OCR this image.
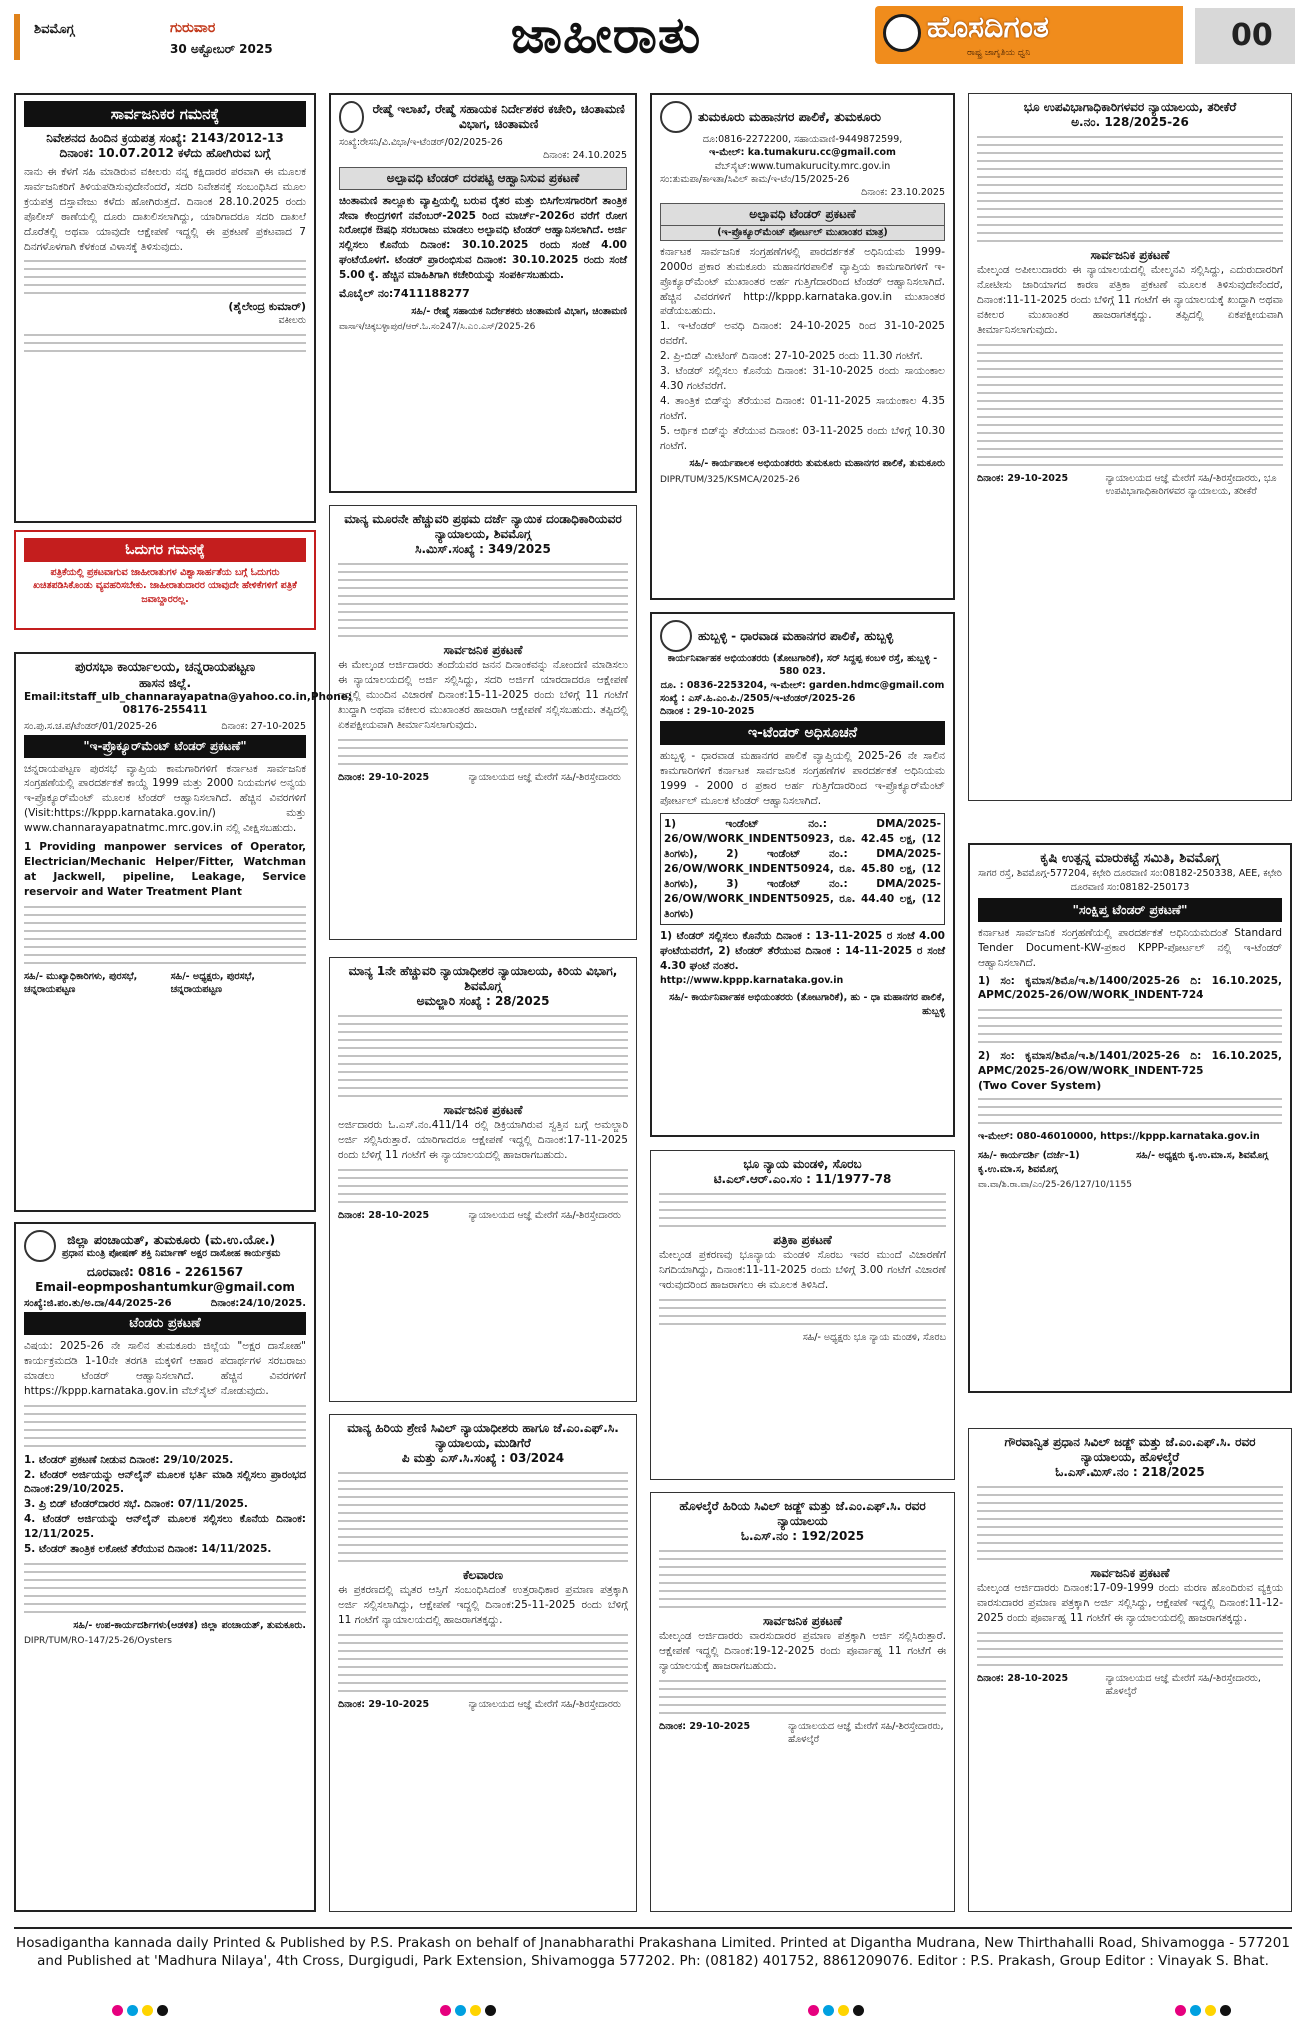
ಶಿವಮೊಗ್ಗ	ಗುರುವಾರ
30 ಅಕ್ಟೋಬರ್ 2025	ಜಾಹೀರಾತು	ಹೊಸದಿಗಂತ
ರಾಷ್ಟ್ರ ಜಾಗೃತಿಯ ಧ್ವನಿ	00
ಸಾರ್ವಜನಿಕರ ಗಮನಕ್ಕೆ
ನಿವೇಶನದ ಹಿಂದಿನ ಕ್ರಯಪತ್ರ ಸಂಖ್ಯೆ: 2143/2012-13
ದಿನಾಂಕ: 10.07.2012 ಕಳೆದು ಹೋಗಿರುವ ಬಗ್ಗೆ
ನಾನು ಈ ಕೆಳಗೆ ಸಹಿ ಮಾಡಿರುವ ವಕೀಲರು ನನ್ನ ಕಕ್ಷಿದಾರರ ಪರವಾಗಿ ಈ ಮೂಲಕ ಸಾರ್ವಜನಿಕರಿಗೆ ತಿಳಿಯಪಡಿಸುವುದೇನೆಂದರೆ, ಸದರಿ ನಿವೇಶನಕ್ಕೆ ಸಂಬಂಧಿಸಿದ ಮೂಲ ಕ್ರಯಪತ್ರ ದಸ್ತಾವೇಜು ಕಳೆದು ಹೋಗಿರುತ್ತದೆ. ದಿನಾಂಕ 28.10.2025 ರಂದು ಪೊಲೀಸ್ ಠಾಣೆಯಲ್ಲಿ ದೂರು ದಾಖಲಿಸಲಾಗಿದ್ದು, ಯಾರಿಗಾದರೂ ಸದರಿ ದಾಖಲೆ ದೊರೆತಲ್ಲಿ ಅಥವಾ ಯಾವುದೇ ಆಕ್ಷೇಪಣೆ ಇದ್ದಲ್ಲಿ ಈ ಪ್ರಕಟಣೆ ಪ್ರಕಟವಾದ 7 ದಿನಗಳೊಳಗಾಗಿ ಕೆಳಕಂಡ ವಿಳಾಸಕ್ಕೆ ತಿಳಿಸುವುದು.
(ಶೈಲೇಂದ್ರ ಕುಮಾರ್)
ವಕೀಲರು
ಓದುಗರ ಗಮನಕ್ಕೆ
ಪತ್ರಿಕೆಯಲ್ಲಿ ಪ್ರಕಟವಾಗುವ ಜಾಹೀರಾತುಗಳ ವಿಶ್ವಾಸಾರ್ಹತೆಯ ಬಗ್ಗೆ ಓದುಗರು ಖಚಿತಪಡಿಸಿಕೊಂಡು ವ್ಯವಹರಿಸಬೇಕು. ಜಾಹೀರಾತುದಾರರ ಯಾವುದೇ ಹೇಳಿಕೆಗಳಿಗೆ ಪತ್ರಿಕೆ ಜವಾಬ್ದಾರರಲ್ಲ.
ಪುರಸಭಾ ಕಾರ್ಯಾಲಯ, ಚನ್ನರಾಯಪಟ್ಟಣ
ಹಾಸನ ಜಿಲ್ಲೆ.
Email:itstaff_ulb_channarayapatna@yahoo.co.in,Phone: 08176-255411
ಸಂ.ಪು.ಸ.ಚ.ಪ/ಟೆಂಡರ್/01/2025-26	ದಿನಾಂಕ: 27-10-2025
"ಇ-ಪ್ರೊಕ್ಯೂರ್‌ಮೆಂಟ್ ಟೆಂಡರ್ ಪ್ರಕಟಣೆ"
ಚನ್ನರಾಯಪಟ್ಟಣ ಪುರಸಭೆ ವ್ಯಾಪ್ತಿಯ ಕಾಮಗಾರಿಗಳಿಗೆ ಕರ್ನಾಟಕ ಸಾರ್ವಜನಿಕ ಸಂಗ್ರಹಣೆಯಲ್ಲಿ ಪಾರದರ್ಶಕತೆ ಕಾಯ್ದೆ 1999 ಮತ್ತು 2000 ನಿಯಮಗಳ ಅನ್ವಯ ಇ-ಪ್ರೊಕ್ಯೂರ್‌ಮೆಂಟ್ ಮೂಲಕ ಟೆಂಡರ್ ಆಹ್ವಾನಿಸಲಾಗಿದೆ. ಹೆಚ್ಚಿನ ವಿವರಗಳಿಗೆ (Visit:https://kppp.karnataka.gov.in/) ಮತ್ತು www.channarayapatnatmc.mrc.gov.in ನಲ್ಲಿ ವೀಕ್ಷಿಸಬಹುದು.
1 Providing manpower services of Operator, Electrician/Mechanic Helper/Fitter, Watchman at Jackwell, pipeline, Leakage, Service reservoir and Water Treatment Plant
ಸಹಿ/- ಮುಖ್ಯಾಧಿಕಾರಿಗಳು, ಪುರಸಭೆ, ಚನ್ನರಾಯಪಟ್ಟಣ
ಸಹಿ/- ಅಧ್ಯಕ್ಷರು, ಪುರಸಭೆ, ಚನ್ನರಾಯಪಟ್ಟಣ
ಜಿಲ್ಲಾ ಪಂಚಾಯತ್, ತುಮಕೂರು (ಮ.ಉ.ಯೋ.)
ಪ್ರಧಾನ ಮಂತ್ರಿ ಪೋಷಣ್ ಶಕ್ತಿ ನಿರ್ಮಾಣ್ ಅಕ್ಷರ ದಾಸೋಹ ಕಾರ್ಯಕ್ರಮ
ದೂರವಾಣಿ: 0816 - 2261567
Email-eopmposhantumkur@gmail.com
ಸಂಖ್ಯೆ:ಜಿ.ಪಂ.ತು/ಅ.ದಾ/44/2025-26	ದಿನಾಂಕ:24/10/2025.
ಟೆಂಡರು ಪ್ರಕಟಣೆ
ವಿಷಯ: 2025-26 ನೇ ಸಾಲಿನ ತುಮಕೂರು ಜಿಲ್ಲೆಯ "ಅಕ್ಷರ ದಾಸೋಹ" ಕಾರ್ಯಕ್ರಮದಡಿ 1-10ನೇ ತರಗತಿ ಮಕ್ಕಳಿಗೆ ಆಹಾರ ಪದಾರ್ಥಗಳ ಸರಬರಾಜು ಮಾಡಲು ಟೆಂಡರ್ ಆಹ್ವಾನಿಸಲಾಗಿದೆ. ಹೆಚ್ಚಿನ ವಿವರಗಳಿಗೆ https://kppp.karnataka.gov.in ವೆಬ್‌ಸೈಟ್ ನೋಡುವುದು.
1. ಟೆಂಡರ್ ಪ್ರಕಟಣೆ ನೀಡುವ ದಿನಾಂಕ: 29/10/2025.
2. ಟೆಂಡರ್ ಅರ್ಜಿಯನ್ನು ಆನ್‌ಲೈನ್ ಮೂಲಕ ಭರ್ತಿ ಮಾಡಿ ಸಲ್ಲಿಸಲು ಪ್ರಾರಂಭದ ದಿನಾಂಕ:29/10/2025.
3. ಪ್ರಿ ಬಿಡ್ ಟೆಂಡರ್‌ದಾರರ ಸಭೆ. ದಿನಾಂಕ: 07/11/2025.
4. ಟೆಂಡರ್ ಅರ್ಜಿಯನ್ನು ಆನ್‌ಲೈನ್ ಮೂಲಕ ಸಲ್ಲಿಸಲು ಕೊನೆಯ ದಿನಾಂಕ: 12/11/2025.
5. ಟೆಂಡರ್ ತಾಂತ್ರಿಕ ಲಕೋಟೆ ತೆರೆಯುವ ದಿನಾಂಕ: 14/11/2025.
ಸಹಿ/- ಉಪ-ಕಾರ್ಯದರ್ಶಿಗಳು(ಆಡಳಿತ) ಜಿಲ್ಲಾ ಪಂಚಾಯತ್, ತುಮಕೂರು.
DIPR/TUM/RO-147/25-26/Oysters
ರೇಷ್ಮೆ ಇಲಾಖೆ, ರೇಷ್ಮೆ ಸಹಾಯಕ ನಿರ್ದೇಶಕರ ಕಚೇರಿ, ಚಿಂತಾಮಣಿ ವಿಭಾಗ, ಚಿಂತಾಮಣಿ
ಸಂಖ್ಯೆ:ರೇಸನಿ/ವಿ.ವಿಭಾ/ಇ-ಟೆಂಡರ್/02/2025-26
ದಿನಾಂಕ: 24.10.2025
ಅಲ್ಪಾವಧಿ ಟೆಂಡರ್ ದರಪಟ್ಟಿ ಆಹ್ವಾನಿಸುವ ಪ್ರಕಟಣೆ
ಚಿಂತಾಮಣಿ ತಾಲ್ಲೂಕು ವ್ಯಾಪ್ತಿಯಲ್ಲಿ ಬರುವ ರೈತರ ಮತ್ತು ಬಿಸಿಗೆಲಸಗಾರರಿಗೆ ತಾಂತ್ರಿಕ ಸೇವಾ ಕೇಂದ್ರಗಳಿಗೆ ನವೆಂಬರ್-2025 ರಿಂದ ಮಾರ್ಚ್-2026ರ ವರೆಗೆ ರೋಗ ನಿರೋಧಕ ಔಷಧಿ ಸರಬರಾಜು ಮಾಡಲು ಅಲ್ಪಾವಧಿ ಟೆಂಡರ್ ಆಹ್ವಾನಿಸಲಾಗಿದೆ. ಅರ್ಜಿ ಸಲ್ಲಿಸಲು ಕೊನೆಯ ದಿನಾಂಕ: 30.10.2025 ರಂದು ಸಂಜೆ 4.00 ಘಂಟೆಯೊಳಗೆ. ಟೆಂಡರ್ ಪ್ರಾರಂಭಿಸುವ ದಿನಾಂಕ: 30.10.2025 ರಂದು ಸಂಜೆ 5.00 ಕ್ಕೆ. ಹೆಚ್ಚಿನ ಮಾಹಿತಿಗಾಗಿ ಕಚೇರಿಯನ್ನು ಸಂಪರ್ಕಿಸಬಹುದು.
ಮೊಬೈಲ್ ನಂ:7411188277
ಸಹಿ/- ರೇಷ್ಮೆ ಸಹಾಯಕ ನಿರ್ದೇಶಕರು ಚಿಂತಾಮಣಿ ವಿಭಾಗ, ಚಿಂತಾಮಣಿ
ವಾಸಾಇ/ಚಿಕ್ಕಬಳ್ಳಾಪುರ/ಆರ್.ಓ.ಸಂ247/ಸಿ.ಎ೦.ಎಸ್/2025-26
ಮಾನ್ಯ ಮೂರನೇ ಹೆಚ್ಚುವರಿ ಪ್ರಥಮ ದರ್ಜೆ ನ್ಯಾಯಿಕ ದಂಡಾಧಿಕಾರಿಯವರ ನ್ಯಾಯಾಲಯ, ಶಿವಮೊಗ್ಗ
ಸಿ.ಮಿಸ್.ಸಂಖ್ಯೆ : 349/2025
ಸಾರ್ವಜನಿಕ ಪ್ರಕಟಣೆ
ಈ ಮೇಲ್ಕಂಡ ಅರ್ಜಿದಾರರು ತಂದೆಯವರ ಜನನ ದಿನಾಂಕವನ್ನು ನೋಂದಣಿ ಮಾಡಿಸಲು ಈ ನ್ಯಾಯಾಲಯದಲ್ಲಿ ಅರ್ಜಿ ಸಲ್ಲಿಸಿದ್ದು, ಸದರಿ ಅರ್ಜಿಗೆ ಯಾರದಾದರೂ ಆಕ್ಷೇಪಣೆ ಇದ್ದಲ್ಲಿ ಮುಂದಿನ ವಿಚಾರಣೆ ದಿನಾಂಕ:15-11-2025 ರಂದು ಬೆಳಿಗ್ಗೆ 11 ಗಂಟೆಗೆ ಖುದ್ದಾಗಿ ಅಥವಾ ವಕೀಲರ ಮುಖಾಂತರ ಹಾಜರಾಗಿ ಆಕ್ಷೇಪಣೆ ಸಲ್ಲಿಸಬಹುದು. ತಪ್ಪಿದಲ್ಲಿ ಏಕಪಕ್ಷೀಯವಾಗಿ ತೀರ್ಮಾನಿಸಲಾಗುವುದು.
ದಿನಾಂಕ: 29-10-2025	ನ್ಯಾಯಾಲಯದ ಆಜ್ಞೆ ಮೇರೆಗೆ ಸಹಿ/-ಶಿರಸ್ತೇದಾರರು
ಮಾನ್ಯ 1ನೇ ಹೆಚ್ಚುವರಿ ನ್ಯಾಯಾಧೀಶರ ನ್ಯಾಯಾಲಯ, ಕಿರಿಯ ವಿಭಾಗ, ಶಿವಮೊಗ್ಗ
ಅಮಲ್ಜಾರಿ ಸಂಖ್ಯೆ : 28/2025
ಸಾರ್ವಜನಿಕ ಪ್ರಕಟಣೆ
ಅರ್ಜಿದಾರರು ಓ.ಎಸ್.ನಂ.411/14 ರಲ್ಲಿ ಡಿಕ್ರಿಯಾಗಿರುವ ಸ್ವತ್ತಿನ ಬಗ್ಗೆ ಅಮಲ್ಜಾರಿ ಅರ್ಜಿ ಸಲ್ಲಿಸಿರುತ್ತಾರೆ. ಯಾರಿಗಾದರೂ ಆಕ್ಷೇಪಣೆ ಇದ್ದಲ್ಲಿ ದಿನಾಂಕ:17-11-2025 ರಂದು ಬೆಳಿಗ್ಗೆ 11 ಗಂಟೆಗೆ ಈ ನ್ಯಾಯಾಲಯದಲ್ಲಿ ಹಾಜರಾಗಬಹುದು.
ದಿನಾಂಕ: 28-10-2025	ನ್ಯಾಯಾಲಯದ ಆಜ್ಞೆ ಮೇರೆಗೆ ಸಹಿ/-ಶಿರಸ್ತೇದಾರರು
ಮಾನ್ಯ ಹಿರಿಯ ಶ್ರೇಣಿ ಸಿವಿಲ್ ನ್ಯಾಯಾಧೀಶರು ಹಾಗೂ ಜೆ.ಎಂ.ಎಫ್.ಸಿ. ನ್ಯಾಯಾಲಯ, ಮುಡಿಗೆರೆ
ಪಿ ಮತ್ತು ಎಸ್.ಸಿ.ಸಂಖ್ಯೆ : 03/2024
ಕೆಲವಾರಣ
ಈ ಪ್ರಕರಣದಲ್ಲಿ ಮೃತರ ಆಸ್ತಿಗೆ ಸಂಬಂಧಿಸಿದಂತೆ ಉತ್ತರಾಧಿಕಾರ ಪ್ರಮಾಣ ಪತ್ರಕ್ಕಾಗಿ ಅರ್ಜಿ ಸಲ್ಲಿಸಲಾಗಿದ್ದು, ಆಕ್ಷೇಪಣೆ ಇದ್ದಲ್ಲಿ ದಿನಾಂಕ:25-11-2025 ರಂದು ಬೆಳಿಗ್ಗೆ 11 ಗಂಟೆಗೆ ನ್ಯಾಯಾಲಯದಲ್ಲಿ ಹಾಜರಾಗತಕ್ಕದ್ದು.
ದಿನಾಂಕ: 29-10-2025	ನ್ಯಾಯಾಲಯದ ಆಜ್ಞೆ ಮೇರೆಗೆ ಸಹಿ/-ಶಿರಸ್ತೇದಾರರು
ತುಮಕೂರು ಮಹಾನಗರ ಪಾಲಿಕೆ, ತುಮಕೂರು
ದೂ:0816-2272200, ಸಹಾಯವಾಣಿ-9449872599,
ಇ-ಮೇಲ್: ka.tumakuru.cc@gmail.com
ವೆಬ್‌ಸೈಟ್:www.tumakurucity.mrc.gov.in
ಸಂ:ತುಮಪಾ/ಕಾಇತಾ/ಸಿವಿಲ್ ಕಾಮ/ಇ-ಟೆಂ/15/2025-26
ದಿನಾಂಕ: 23.10.2025
ಅಲ್ಪಾವಧಿ ಟೆಂಡರ್ ಪ್ರಕಟಣೆ
(ಇ-ಪ್ರೊಕ್ಯೂರ್‌ಮೆಂಟ್ ಪೋರ್ಟಲ್ ಮುಖಾಂತರ ಮಾತ್ರ)
ಕರ್ನಾಟಕ ಸಾರ್ವಜನಿಕ ಸಂಗ್ರಹಣೆಗಳಲ್ಲಿ ಪಾರದರ್ಶಕತೆ ಅಧಿನಿಯಮ 1999-2000ರ ಪ್ರಕಾರ ತುಮಕೂರು ಮಹಾನಗರಪಾಲಿಕೆ ವ್ಯಾಪ್ತಿಯ ಕಾಮಗಾರಿಗಳಿಗೆ ಇ-ಪ್ರೊಕ್ಯೂರ್‌ಮೆಂಟ್ ಮುಖಾಂತರ ಅರ್ಹ ಗುತ್ತಿಗೆದಾರರಿಂದ ಟೆಂಡರ್ ಆಹ್ವಾನಿಸಲಾಗಿದೆ. ಹೆಚ್ಚಿನ ವಿವರಗಳಿಗೆ http://kppp.karnataka.gov.in ಮುಖಾಂತರ ಪಡೆಯಬಹುದು.
1. ಇ-ಟೆಂಡರ್ ಅವಧಿ ದಿನಾಂಕ: 24-10-2025 ರಿಂದ 31-10-2025 ರವರೆಗೆ.
2. ಪ್ರಿ-ಬಿಡ್ ಮೀಟಿಂಗ್ ದಿನಾಂಕ: 27-10-2025 ರಂದು 11.30 ಗಂಟೆಗೆ.
3. ಟೆಂಡರ್ ಸಲ್ಲಿಸಲು ಕೊನೆಯ ದಿನಾಂಕ: 31-10-2025 ರಂದು ಸಾಯಂಕಾಲ 4.30 ಗಂಟೆವರೆಗೆ.
4. ತಾಂತ್ರಿಕ ಬಿಡ್‌ನ್ನು ತೆರೆಯುವ ದಿನಾಂಕ: 01-11-2025 ಸಾಯಂಕಾಲ 4.35 ಗಂಟೆಗೆ.
5. ಆರ್ಥಿಕ ಬಿಡ್‌ನ್ನು ತೆರೆಯುವ ದಿನಾಂಕ: 03-11-2025 ರಂದು ಬೆಳಿಗ್ಗೆ 10.30 ಗಂಟೆಗೆ.
ಸಹಿ/- ಕಾರ್ಯಪಾಲಕ ಅಭಿಯಂತರರು ತುಮಕೂರು ಮಹಾನಗರ ಪಾಲಿಕೆ, ತುಮಕೂರು
DIPR/TUM/325/KSMCA/2025-26
ಹುಬ್ಬಳ್ಳಿ - ಧಾರವಾಡ ಮಹಾನಗರ ಪಾಲಿಕೆ, ಹುಬ್ಬಳ್ಳಿ
ಕಾರ್ಯನಿರ್ವಾಹಕ ಅಭಿಯಂತರರು (ತೋಟಗಾರಿಕೆ), ಸರ್ ಸಿದ್ದಪ್ಪ ಕಂಬಳಿ ರಸ್ತೆ, ಹುಬ್ಬಳ್ಳಿ - 580 023.
ದೂ. : 0836-2253204, ಇ-ಮೇಲ್: garden.hdmc@gmail.com
ಸಂಖ್ಯೆ : ಎಸ್.ಹಿ.ಎಂ.ಪಿ./2505/ಇ-ಟೆಂಡರ್/2025-26
ದಿನಾಂಕ : 29-10-2025
ಇ-ಟೆಂಡರ್ ಅಧಿಸೂಚನೆ
ಹುಬ್ಬಳ್ಳಿ - ಧಾರವಾಡ ಮಹಾನಗರ ಪಾಲಿಕೆ ವ್ಯಾಪ್ತಿಯಲ್ಲಿ 2025-26 ನೇ ಸಾಲಿನ ಕಾಮಗಾರಿಗಳಿಗೆ ಕರ್ನಾಟಕ ಸಾರ್ವಜನಿಕ ಸಂಗ್ರಹಣೆಗಳ ಪಾರದರ್ಶಕತೆ ಅಧಿನಿಯಮ 1999 - 2000 ರ ಪ್ರಕಾರ ಅರ್ಹ ಗುತ್ತಿಗೆದಾರರಿಂದ ಇ-ಪ್ರೊಕ್ಯೂರ್‌ಮೆಂಟ್ ಪೋರ್ಟಲ್ ಮೂಲಕ ಟೆಂಡರ್ ಆಹ್ವಾನಿಸಲಾಗಿದೆ.
1) ಇಂಡೆಂಟ್ ನಂ.: DMA/2025-26/OW/WORK_INDENT50923, ರೂ. 42.45 ಲಕ್ಷ, (12 ತಿಂಗಳು), 2) ಇಂಡೆಂಟ್ ನಂ.: DMA/2025-26/OW/WORK_INDENT50924, ರೂ. 45.80 ಲಕ್ಷ, (12 ತಿಂಗಳು), 3) ಇಂಡೆಂಟ್ ನಂ.: DMA/2025-26/OW/WORK_INDENT50925, ರೂ. 44.40 ಲಕ್ಷ, (12 ತಿಂಗಳು)
1) ಟೆಂಡರ್ ಸಲ್ಲಿಸಲು ಕೊನೆಯ ದಿನಾಂಕ : 13-11-2025 ರ ಸಂಜೆ 4.00 ಘಂಟೆಯವರೆಗೆ, 2) ಟೆಂಡರ್ ತೆರೆಯುವ ದಿನಾಂಕ : 14-11-2025 ರ ಸಂಜೆ 4.30 ಘಂಟೆ ನಂತರ.
http://www.kppp.karnataka.gov.in
ಸಹಿ/- ಕಾರ್ಯನಿರ್ವಾಹಕ ಅಭಿಯಂತರರು (ತೋಟಗಾರಿಕೆ), ಹು - ಧಾ ಮಹಾನಗರ ಪಾಲಿಕೆ, ಹುಬ್ಬಳ್ಳಿ
ಭೂ ನ್ಯಾಯ ಮಂಡಳಿ, ಸೊರಬ
ಟಿ.ಎಲ್.ಆರ್.ಎಂ.ಸಂ : 11/1977-78
ಪತ್ರಿಕಾ ಪ್ರಕಟಣೆ
ಮೇಲ್ಕಂಡ ಪ್ರಕರಣವು ಭೂನ್ಯಾಯ ಮಂಡಳಿ ಸೊರಬ ಇವರ ಮುಂದೆ ವಿಚಾರಣೆಗೆ ನಿಗದಿಯಾಗಿದ್ದು, ದಿನಾಂಕ:11-11-2025 ರಂದು ಬೆಳಿಗ್ಗೆ 3.00 ಗಂಟೆಗೆ ವಿಚಾರಣೆ ಇರುವುದರಿಂದ ಹಾಜರಾಗಲು ಈ ಮೂಲಕ ತಿಳಿಸಿದೆ.
ಸಹಿ/- ಅಧ್ಯಕ್ಷರು ಭೂ ನ್ಯಾಯ ಮಂಡಳಿ, ಸೊರಬ
ಹೊಳಲ್ಕೆರೆ ಹಿರಿಯ ಸಿವಿಲ್ ಜಡ್ಜ್ ಮತ್ತು ಜೆ.ಎಂ.ಎಫ್.ಸಿ. ರವರ ನ್ಯಾಯಾಲಯ
ಓ.ಎಸ್.ನಂ : 192/2025
ಸಾರ್ವಜನಿಕ ಪ್ರಕಟಣೆ
ಮೇಲ್ಕಂಡ ಅರ್ಜಿದಾರರು ವಾರಸುದಾರರ ಪ್ರಮಾಣ ಪತ್ರಕ್ಕಾಗಿ ಅರ್ಜಿ ಸಲ್ಲಿಸಿರುತ್ತಾರೆ. ಆಕ್ಷೇಪಣೆ ಇದ್ದಲ್ಲಿ ದಿನಾಂಕ:19-12-2025 ರಂದು ಪೂರ್ವಾಹ್ನ 11 ಗಂಟೆಗೆ ಈ ನ್ಯಾಯಾಲಯಕ್ಕೆ ಹಾಜರಾಗಬಹುದು.
ದಿನಾಂಕ: 29-10-2025	ನ್ಯಾಯಾಲಯದ ಆಜ್ಞೆ ಮೇರೆಗೆ ಸಹಿ/-ಶಿರಸ್ತೇದಾರರು, ಹೊಳಲ್ಕೆರೆ
ಭೂ ಉಪವಿಭಾಗಾಧಿಕಾರಿಗಳವರ ನ್ಯಾಯಾಲಯ, ತರೀಕೆರೆ
ಅ.ನಂ. 128/2025-26
ಸಾರ್ವಜನಿಕ ಪ್ರಕಟಣೆ
ಮೇಲ್ಕಂಡ ಅಪೀಲುದಾರರು ಈ ನ್ಯಾಯಾಲಯದಲ್ಲಿ ಮೇಲ್ಮನವಿ ಸಲ್ಲಿಸಿದ್ದು, ಎದುರುದಾರರಿಗೆ ನೋಟೀಸು ಜಾರಿಯಾಗದ ಕಾರಣ ಪತ್ರಿಕಾ ಪ್ರಕಟಣೆ ಮೂಲಕ ತಿಳಿಸುವುದೇನೆಂದರೆ, ದಿನಾಂಕ:11-11-2025 ರಂದು ಬೆಳಿಗ್ಗೆ 11 ಗಂಟೆಗೆ ಈ ನ್ಯಾಯಾಲಯಕ್ಕೆ ಖುದ್ದಾಗಿ ಅಥವಾ ವಕೀಲರ ಮುಖಾಂತರ ಹಾಜರಾಗತಕ್ಕದ್ದು. ತಪ್ಪಿದಲ್ಲಿ ಏಕಪಕ್ಷೀಯವಾಗಿ ತೀರ್ಮಾನಿಸಲಾಗುವುದು.
ದಿನಾಂಕ: 29-10-2025	ನ್ಯಾಯಾಲಯದ ಆಜ್ಞೆ ಮೇರೆಗೆ ಸಹಿ/-ಶಿರಸ್ತೇದಾರರು, ಭೂ ಉಪವಿಭಾಗಾಧಿಕಾರಿಗಳವರ ನ್ಯಾಯಾಲಯ, ತರೀಕೆರೆ
ಕೃಷಿ ಉತ್ಪನ್ನ ಮಾರುಕಟ್ಟೆ ಸಮಿತಿ, ಶಿವಮೊಗ್ಗ
ಸಾಗರ ರಸ್ತೆ, ಶಿವಮೊಗ್ಗ-577204, ಕಛೇರಿ ದೂರವಾಣಿ ಸಂ:08182-250338, AEE, ಕಛೇರಿ ದೂರವಾಣಿ ಸಂ:08182-250173
"ಸಂಕ್ಷಿಪ್ತ ಟೆಂಡರ್ ಪ್ರಕಟಣೆ"
ಕರ್ನಾಟಕ ಸಾರ್ವಜನಿಕ ಸಂಗ್ರಹಣೆಯಲ್ಲಿ ಪಾರದರ್ಶಕತೆ ಅಧಿನಿಯಮದಂತೆ Standard Tender Document-KW-ಪ್ರಕಾರ KPPP-ಪೋರ್ಟಲ್ ನಲ್ಲಿ ಇ-ಟೆಂಡರ್ ಆಹ್ವಾನಿಸಲಾಗಿದೆ.
1) ಸಂ: ಕೃಮಾಸ/ಶಿಮೊ/ಇ.ಶಿ/1400/2025-26 ದಿ: 16.10.2025, APMC/2025-26/OW/WORK_INDENT-724
2) ಸಂ: ಕೃಮಾಸ/ಶಿಮೊ/ಇ.ಶಿ/1401/2025-26 ದಿ: 16.10.2025, APMC/2025-26/OW/WORK_INDENT-725
(Two Cover System)
ಇ-ಮೇಲ್: 080-46010000, https://kppp.karnataka.gov.in
ಸಹಿ/- ಕಾರ್ಯದರ್ಶಿ (ದರ್ಜೆ-1) ಕೃ.ಉ.ಮಾ.ಸ, ಶಿವಮೊಗ್ಗ
ಸಹಿ/- ಅಧ್ಯಕ್ಷರು ಕೃ.ಉ.ಮಾ.ಸ, ಶಿವಮೊಗ್ಗ
ವಾ.ವಾ/ಶಿ.ರಾ.ವಾ/ಎಂ/25-26/127/10/1155
ಗೌರವಾನ್ವಿತ ಪ್ರಧಾನ ಸಿವಿಲ್ ಜಡ್ಜ್ ಮತ್ತು ಜೆ.ಎಂ.ಎಫ್.ಸಿ. ರವರ ನ್ಯಾಯಾಲಯ, ಹೊಳಲ್ಕೆರೆ
ಓ.ಎಸ್.ಮಿಸ್.ನಂ : 218/2025
ಸಾರ್ವಜನಿಕ ಪ್ರಕಟಣೆ
ಮೇಲ್ಕಂಡ ಅರ್ಜಿದಾರರು ದಿನಾಂಕ:17-09-1999 ರಂದು ಮರಣ ಹೊಂದಿರುವ ವ್ಯಕ್ತಿಯ ವಾರಸುದಾರರ ಪ್ರಮಾಣ ಪತ್ರಕ್ಕಾಗಿ ಅರ್ಜಿ ಸಲ್ಲಿಸಿದ್ದು, ಆಕ್ಷೇಪಣೆ ಇದ್ದಲ್ಲಿ ದಿನಾಂಕ:11-12-2025 ರಂದು ಪೂರ್ವಾಹ್ನ 11 ಗಂಟೆಗೆ ಈ ನ್ಯಾಯಾಲಯದಲ್ಲಿ ಹಾಜರಾಗತಕ್ಕದ್ದು.
ದಿನಾಂಕ: 28-10-2025	ನ್ಯಾಯಾಲಯದ ಆಜ್ಞೆ ಮೇರೆಗೆ ಸಹಿ/-ಶಿರಸ್ತೇದಾರರು, ಹೊಳಲ್ಕೆರೆ
Hosadigantha kannada daily Printed & Published by P.S. Prakash on behalf of Jnanabharathi Prakashana Limited. Printed at Digantha Mudrana, New Thirthahalli Road, Shivamogga - 577201 and Published at 'Madhura Nilaya', 4th Cross, Durgigudi, Park Extension, Shivamogga 577202. Ph: (08182) 401752, 8861209076. Editor : P.S. Prakash, Group Editor : Vinayak S. Bhat.
